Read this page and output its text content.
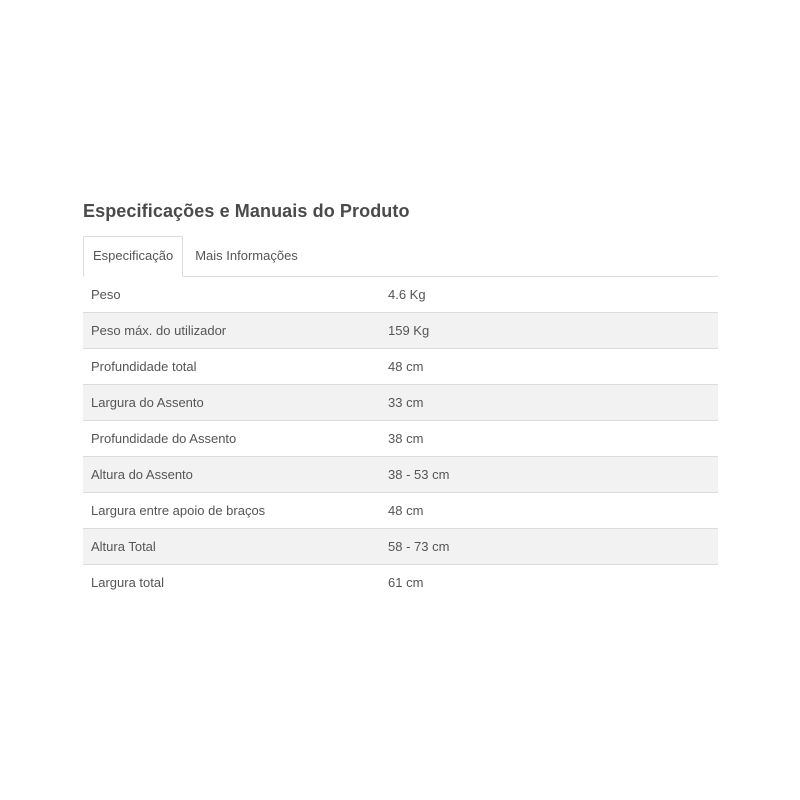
Especificações e Manuais do Produto
Especificação	Mais Informações
Peso	4.6 Kg
Peso máx. do utilizador	159 Kg
Profundidade total	48 cm
Largura do Assento	33 cm
Profundidade do Assento	38 cm
Altura do Assento	38 - 53 cm
Largura entre apoio de braços	48 cm
Altura Total	58 - 73 cm
Largura total	61 cm
